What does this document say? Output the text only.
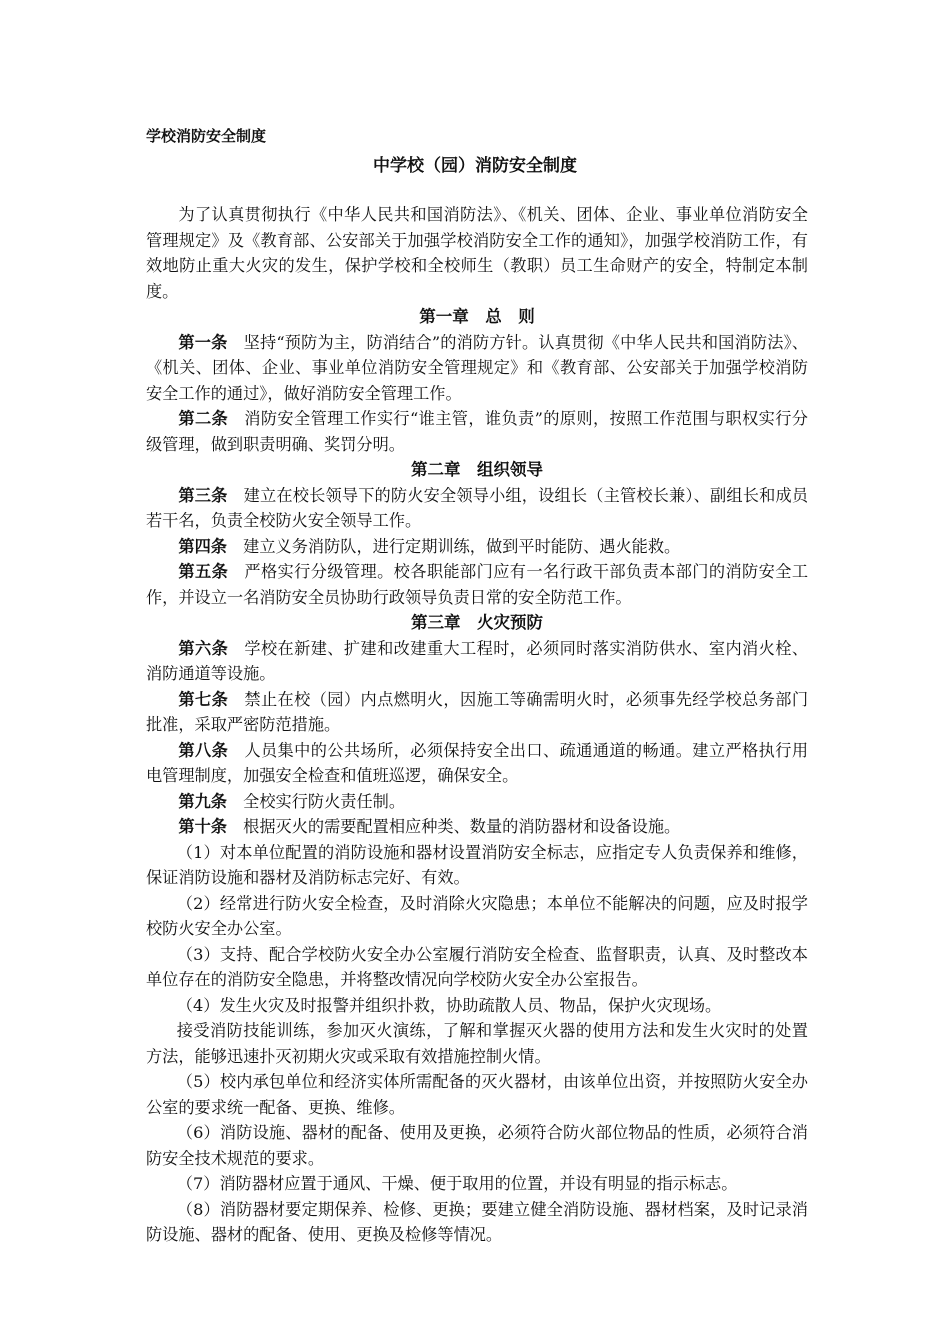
学校消防安全制度
中学校（园）消防安全制度

为了认真贯彻执行《中华人民共和国消防法》、《机关、团体、企业、事业单位消防安全管理规定》及《教育部、公安部关于加强学校消防安全工作的通知》，加强学校消防工作，有效地防止重大火灾的发生，保护学校和全校师生（教职）员工生命财产的安全，特制定本制度。

第一章　总　则

第一条 坚持“预防为主，防消结合”的消防方针。认真贯彻《中华人民共和国消防法》、《机关、团体、企业、事业单位消防安全管理规定》和《教育部、公安部关于加强学校消防安全工作的通过》，做好消防安全管理工作。

第二条 消防安全管理工作实行“谁主管，谁负责”的原则，按照工作范围与职权实行分级管理，做到职责明确、奖罚分明。

第二章　组织领导

第三条 建立在校长领导下的防火安全领导小组，设组长（主管校长兼）、副组长和成员若干名，负责全校防火安全领导工作。

第四条 建立义务消防队，进行定期训练，做到平时能防、遇火能救。

第五条 严格实行分级管理。校各职能部门应有一名行政干部负责本部门的消防安全工作，并设立一名消防安全员协助行政领导负责日常的安全防范工作。

第三章　火灾预防

第六条 学校在新建、扩建和改建重大工程时，必须同时落实消防供水、室内消火栓、消防通道等设施。

第七条 禁止在校（园）内点燃明火，因施工等确需明火时，必须事先经学校总务部门批准，采取严密防范措施。

第八条 人员集中的公共场所，必须保持安全出口、疏通通道的畅通。建立严格执行用电管理制度，加强安全检查和值班巡逻，确保安全。

第九条 全校实行防火责任制。

第十条 根据灭火的需要配置相应种类、数量的消防器材和设备设施。

（1）对本单位配置的消防设施和器材设置消防安全标志，应指定专人负责保养和维修，保证消防设施和器材及消防标志完好、有效。

（2）经常进行防火安全检查，及时消除火灾隐患；本单位不能解决的问题，应及时报学校防火安全办公室。

（3）支持、配合学校防火安全办公室履行消防安全检查、监督职责，认真、及时整改本单位存在的消防安全隐患，并将整改情况向学校防火安全办公室报告。

（4）发生火灾及时报警并组织扑救，协助疏散人员、物品，保护火灾现场。

接受消防技能训练，参加灭火演练，了解和掌握灭火器的使用方法和发生火灾时的处置方法，能够迅速扑灭初期火灾或采取有效措施控制火情。

（5）校内承包单位和经济实体所需配备的灭火器材，由该单位出资，并按照防火安全办公室的要求统一配备、更换、维修。

（6）消防设施、器材的配备、使用及更换，必须符合防火部位物品的性质，必须符合消防安全技术规范的要求。

（7）消防器材应置于通风、干燥、便于取用的位置，并设有明显的指示标志。

（8）消防器材要定期保养、检修、更换；要建立健全消防设施、器材档案，及时记录消防设施、器材的配备、使用、更换及检修等情况。
